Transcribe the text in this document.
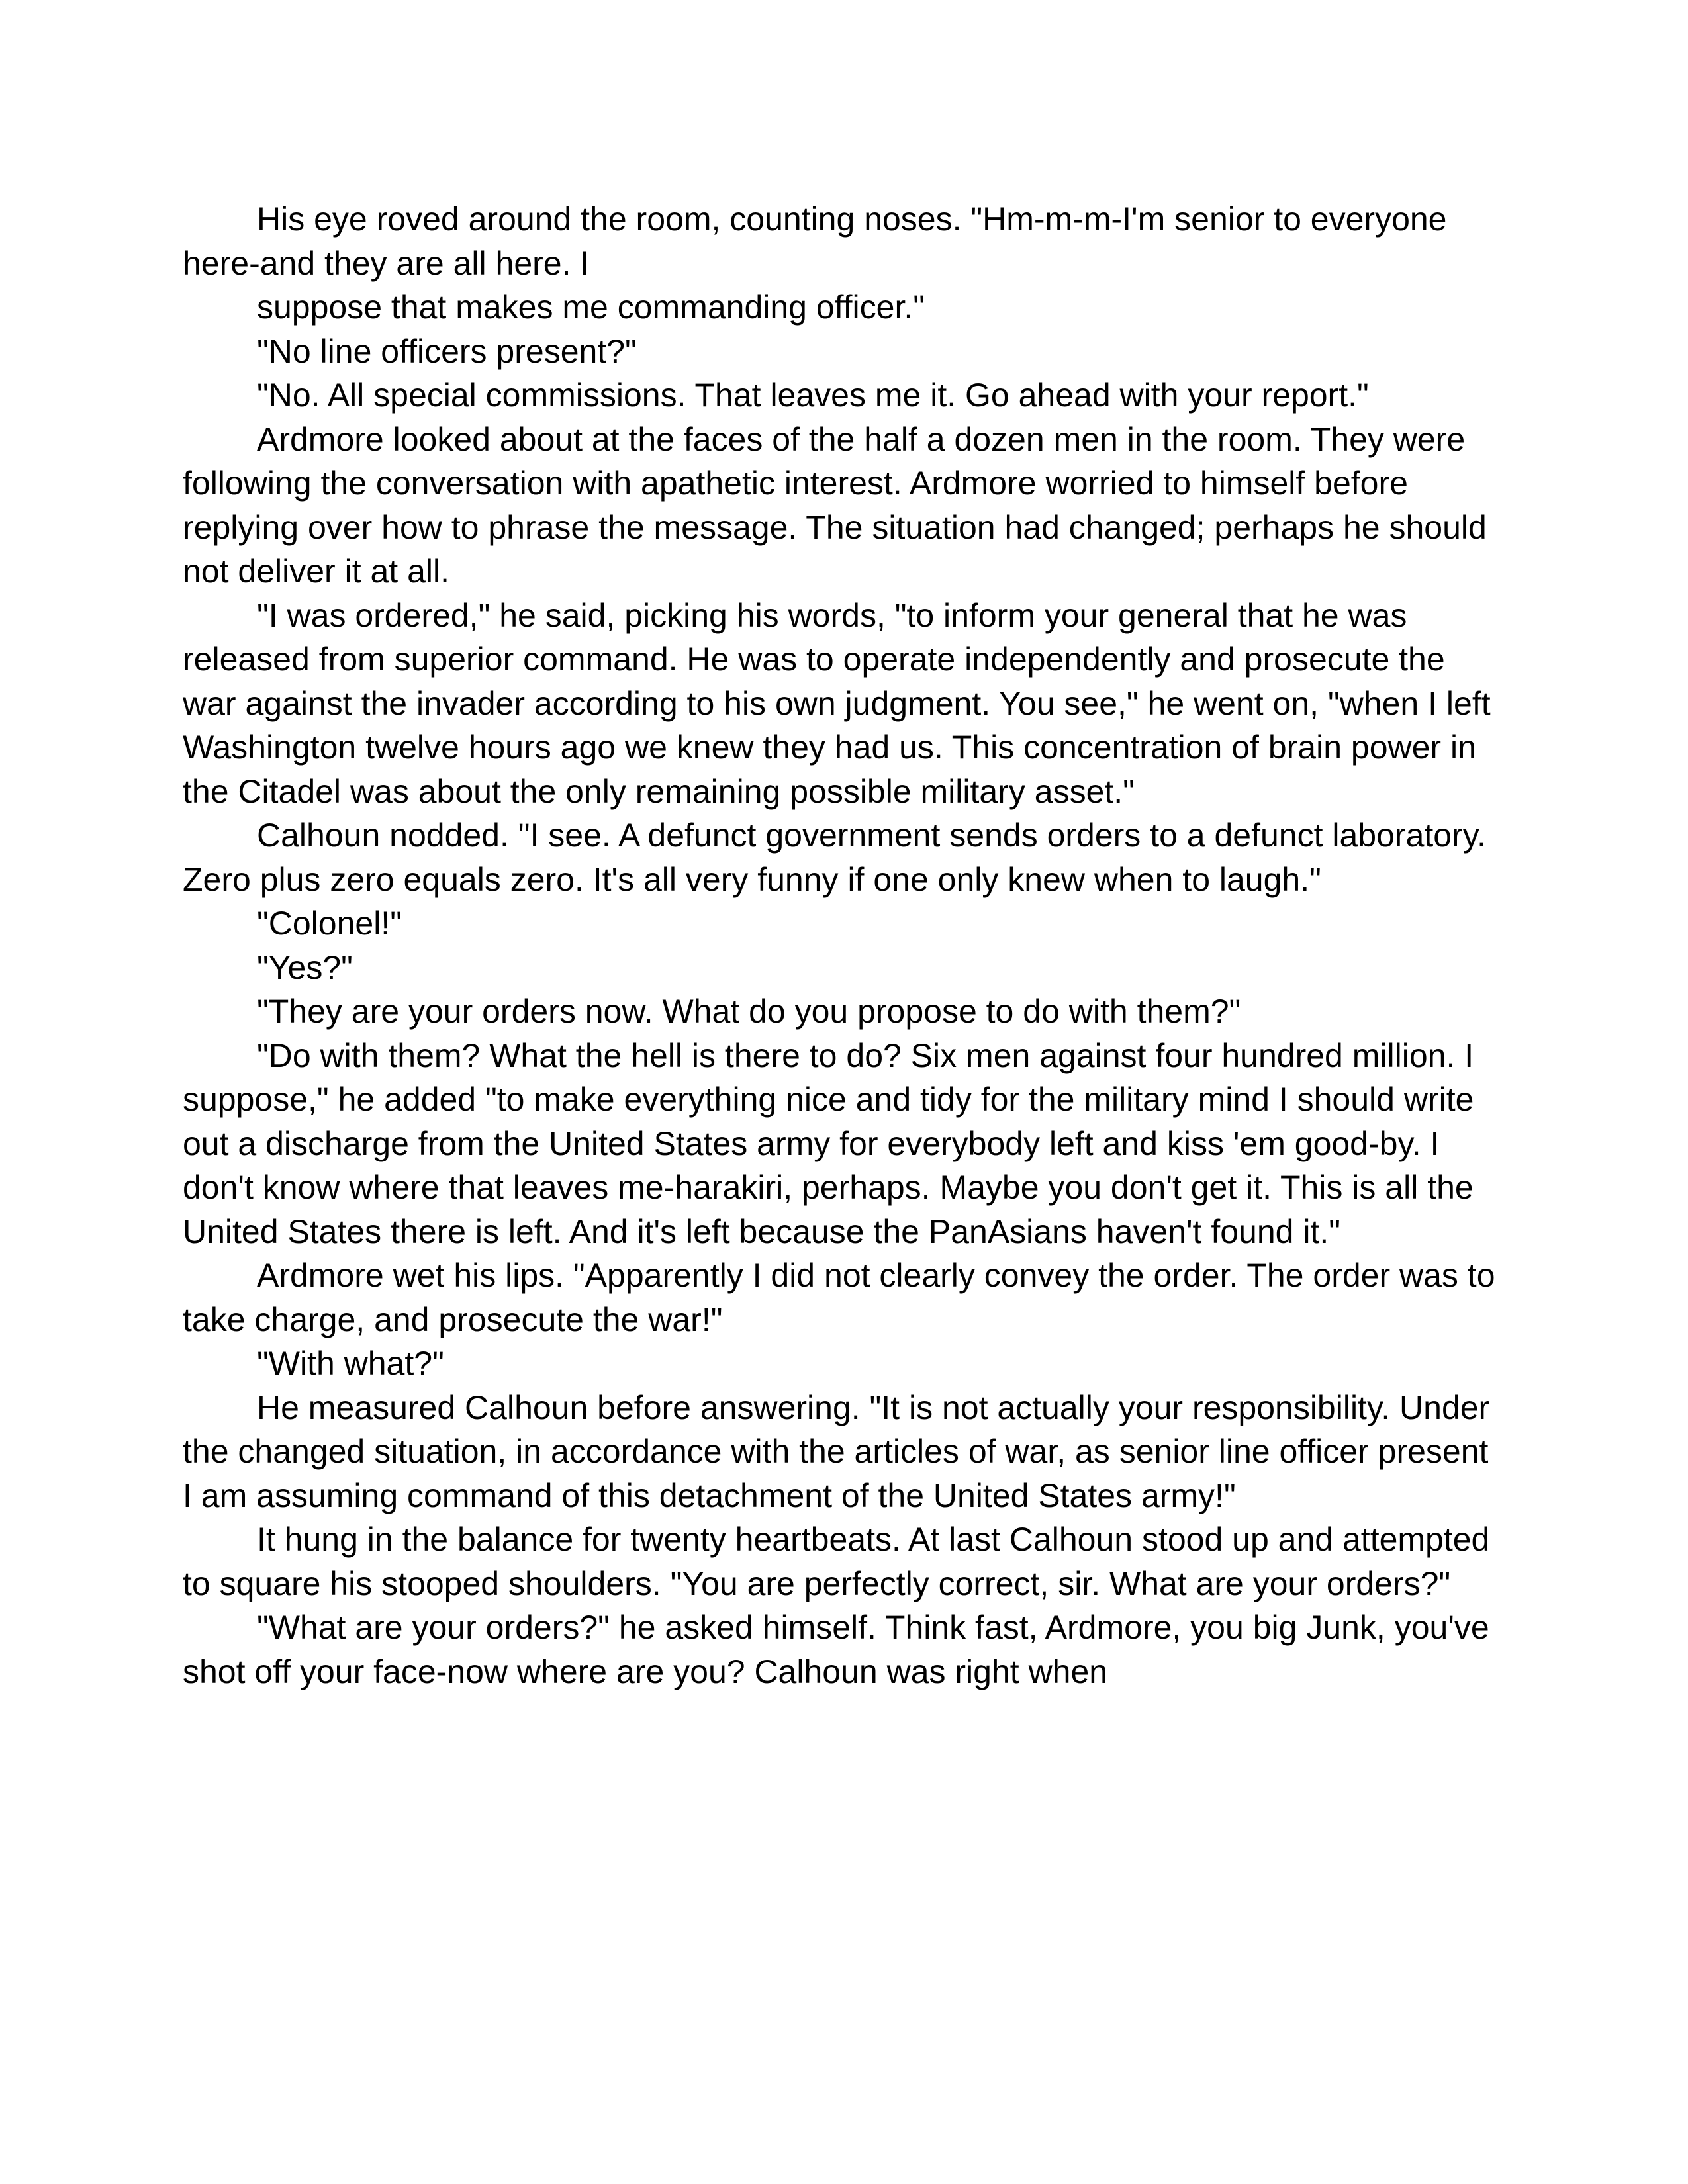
His eye roved around the room, counting noses. "Hm-m-m-I'm senior to everyone here-and they are all here. I

suppose that makes me commanding officer."

"No line officers present?"

"No. All special commissions. That leaves me it. Go ahead with your report."

Ardmore looked about at the faces of the half a dozen men in the room. They were following the conversation with apathetic interest. Ardmore worried to himself before replying over how to phrase the message. The situation had changed; perhaps he should not deliver it at all.

"I was ordered," he said, picking his words, "to inform your general that he was released from superior command. He was to operate independently and prosecute the war against the invader according to his own judgment. You see," he went on, "when I left Washington twelve hours ago we knew they had us. This concentration of brain power in the Citadel was about the only remaining possible military asset."

Calhoun nodded. "I see. A defunct government sends orders to a defunct laboratory. Zero plus zero equals zero. It's all very funny if one only knew when to laugh."

"Colonel!"

"Yes?"

"They are your orders now. What do you propose to do with them?"

"Do with them? What the hell is there to do? Six men against four hundred million. I suppose," he added "to make everything nice and tidy for the military mind I should write out a discharge from the United States army for everybody left and kiss 'em good-by. I don't know where that leaves me-harakiri, perhaps. Maybe you don't get it. This is all the United States there is left. And it's left because the PanAsians haven't found it."

Ardmore wet his lips. "Apparently I did not clearly convey the order. The order was to take charge, and prosecute the war!"

"With what?"

He measured Calhoun before answering. "It is not actually your responsibility. Under the changed situation, in accordance with the articles of war, as senior line officer present I am assuming command of this detachment of the United States army!"

It hung in the balance for twenty heartbeats. At last Calhoun stood up and attempted to square his stooped shoulders. "You are perfectly correct, sir. What are your orders?"

"What are your orders?" he asked himself. Think fast, Ardmore, you big Junk, you've shot off your face-now where are you? Calhoun was right when
